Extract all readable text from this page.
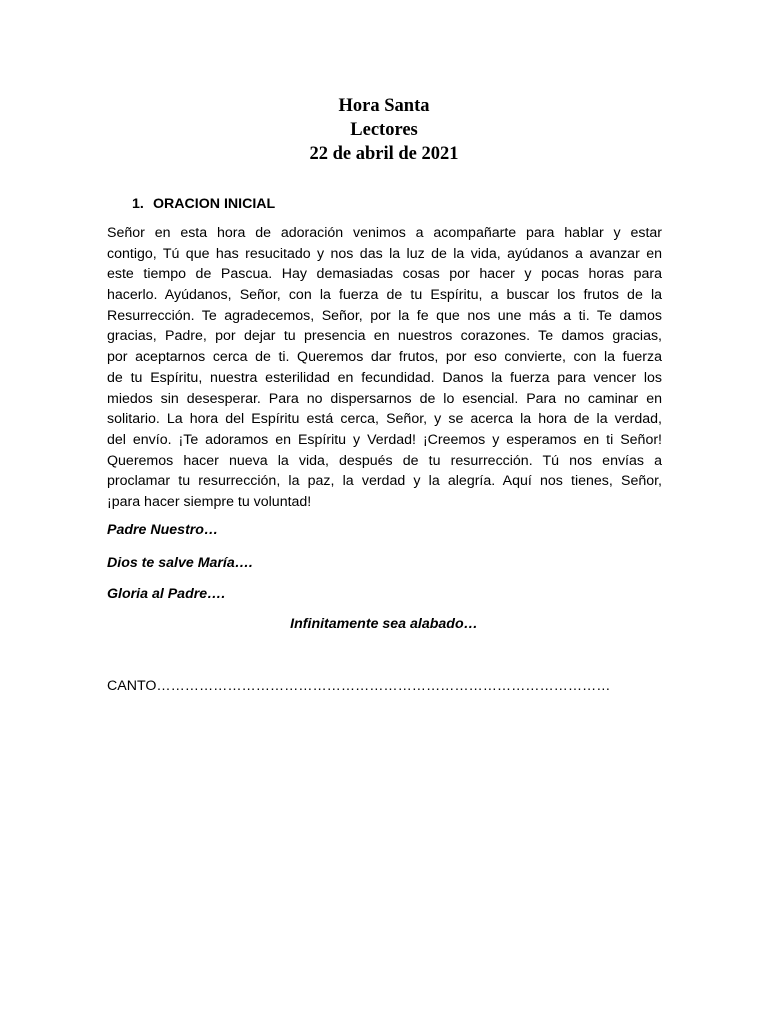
Hora Santa
Lectores
22 de abril de 2021
1. ORACION INICIAL
Señor en esta hora de adoración venimos a acompañarte para hablar y estar
contigo, Tú que has resucitado y nos das la luz de la vida, ayúdanos a avanzar en
este tiempo de Pascua. Hay demasiadas cosas por hacer y pocas horas para
hacerlo. Ayúdanos, Señor, con la fuerza de tu Espíritu, a buscar los frutos de la
Resurrección. Te agradecemos, Señor, por la fe que nos une más a ti. Te damos
gracias, Padre, por dejar tu presencia en nuestros corazones. Te damos gracias,
por aceptarnos cerca de ti. Queremos dar frutos, por eso convierte, con la fuerza
de tu Espíritu, nuestra esterilidad en fecundidad. Danos la fuerza para vencer los
miedos sin desesperar. Para no dispersarnos de lo esencial. Para no caminar en
solitario. La hora del Espíritu está cerca, Señor, y se acerca la hora de la verdad,
del envío. ¡Te adoramos en Espíritu y Verdad! ¡Creemos y esperamos en ti Señor!
Queremos hacer nueva la vida, después de tu resurrección. Tú nos envías a
proclamar tu resurrección, la paz, la verdad y la alegría. Aquí nos tienes, Señor,
¡para hacer siempre tu voluntad!
Padre Nuestro…
Dios te salve María….
Gloria al Padre….
Infinitamente sea alabado…
CANTO……………………………………………………………………………………
